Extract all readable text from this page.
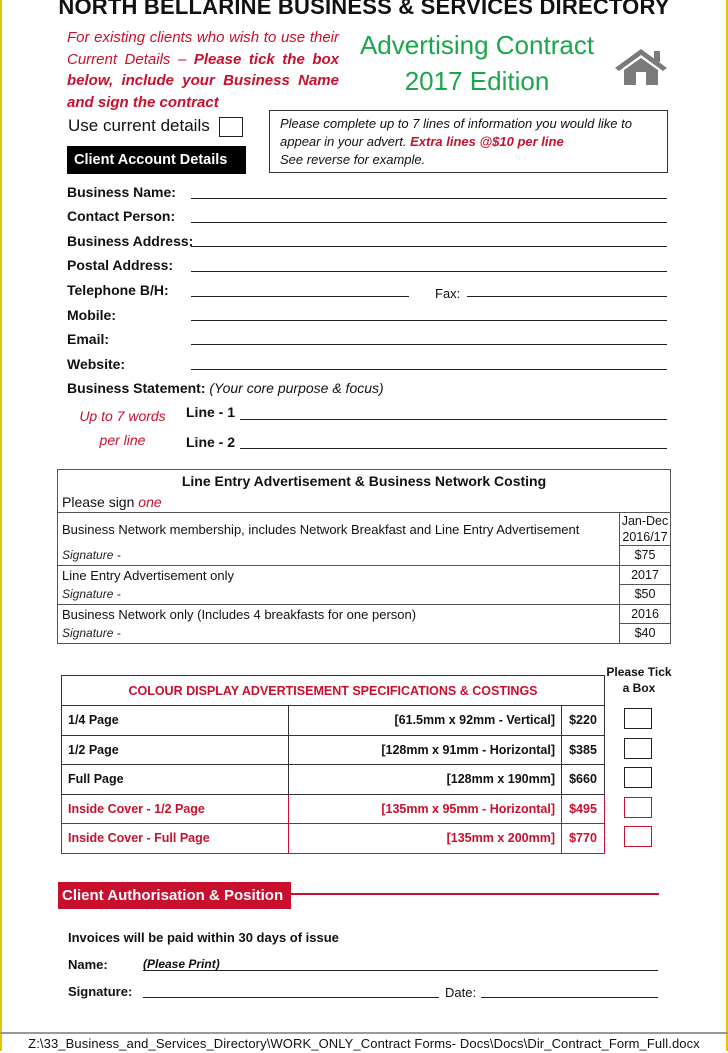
NORTH BELLARINE BUSINESS & SERVICES DIRECTORY
For existing clients who wish to use their Current Details – Please tick the box below, include your Business Name and sign the contract
Advertising Contract
2017 Edition
Use current details	Please complete up to 7 lines of information you would like to appear in your advert. Extra lines @$10 per line
See reverse for example.
Client Account Details
Business Name:
Contact Person:
Business Address:
Postal Address:
Telephone B/H:	Fax:
Mobile:
Email:
Website:
Business Statement: (Your core purpose & focus)
Up to 7 words per line
Line - 1
Line - 2
Line Entry Advertisement & Business Network Costing	
Please sign one	
Business Network membership, includes Network Breakfast and Line Entry Advertisement	Jan-Dec 2016/17
Signature -	$75
Line Entry Advertisement only	2017
Signature -	$50
Business Network only (Includes 4 breakfasts for one person)	2016
Signature -	$40
Please Tick a Box
COLOUR DISPLAY ADVERTISEMENT SPECIFICATIONS & COSTINGS		
1/4 Page	[61.5mm x 92mm - Vertical]	$220
1/2 Page	[128mm x 91mm - Horizontal]	$385
Full Page	[128mm x 190mm]	$660
Inside Cover - 1/2 Page	[135mm x 95mm - Horizontal]	$495
Inside Cover - Full Page	[135mm x 200mm]	$770
Client Authorisation & Position
Invoices will be paid within 30 days of issue
Name:	(Please Print)
Signature:	Date:
Z:\33_Business_and_Services_Directory\WORK_ONLY_Contract Forms- Docs\Docs\Dir_Contract_Form_Full.docx
